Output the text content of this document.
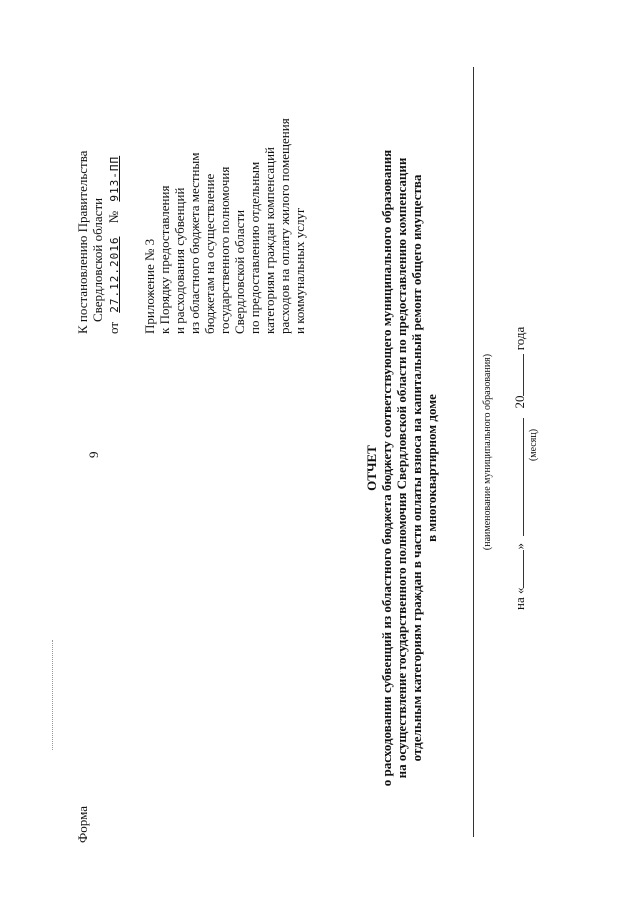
9
Форма
К постановлению Правительства Свердловской области
от 27.12.2016 № 913-ПП
Приложение № 3 к Порядку предоставления и расходования субвенций из областного бюджета местным бюджетам на осуществление государственного полномочия Свердловской области по предоставлению отдельным категориям граждан компенсаций расходов на оплату жилого помещения и коммунальных услуг
ОТЧЕТ о расходовании субвенций из областного бюджета бюджету соответствующего муниципального образования на осуществление государственного полномочия Свердловской области по предоставлению компенсации отдельным категориям граждан в части оплаты взноса на капитальный ремонт общего имущества в многоквартирном доме	(наименование муниципального образования)
на «»  20 года
(месяц)
